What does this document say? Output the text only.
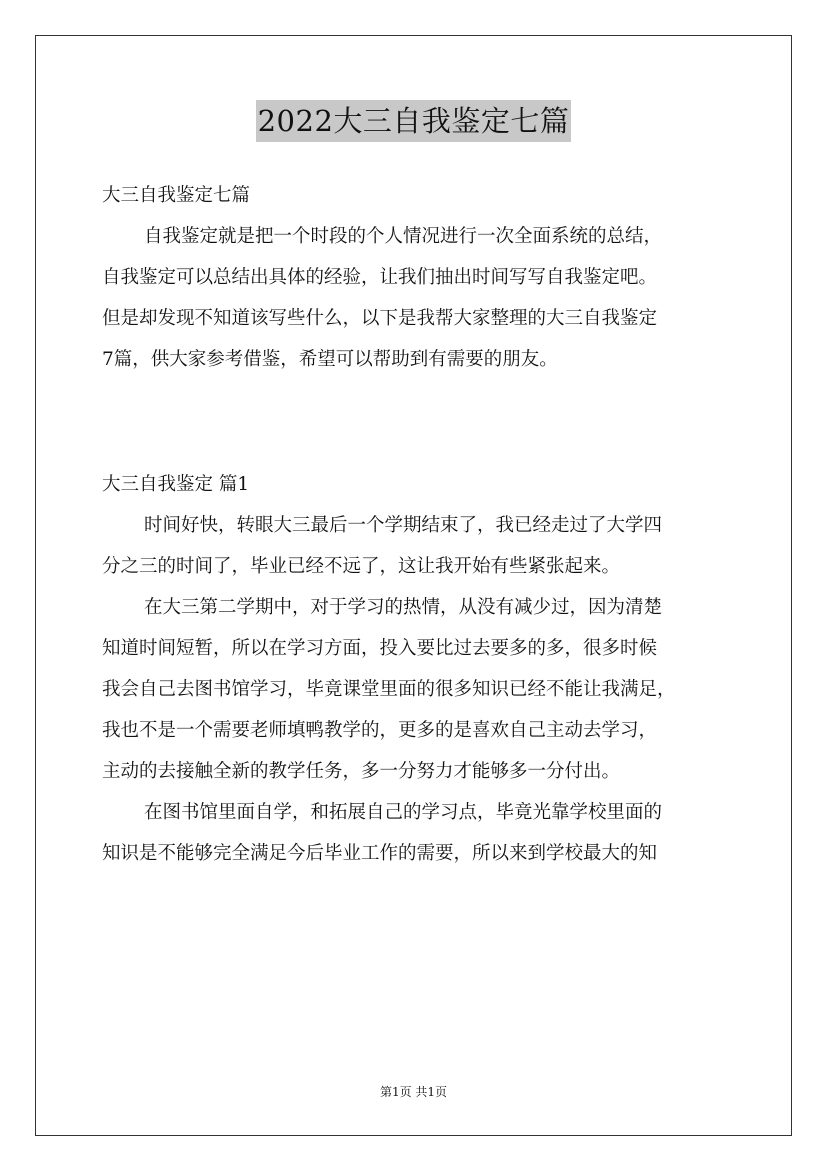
2022大三自我鉴定七篇
大三自我鉴定七篇
自我鉴定就是把一个时段的个人情况进行一次全面系统的总结，
自我鉴定可以总结出具体的经验，让我们抽出时间写写自我鉴定吧。
但是却发现不知道该写些什么，以下是我帮大家整理的大三自我鉴定
7篇，供大家参考借鉴，希望可以帮助到有需要的朋友。
大三自我鉴定 篇1
时间好快，转眼大三最后一个学期结束了，我已经走过了大学四
分之三的时间了，毕业已经不远了，这让我开始有些紧张起来。
在大三第二学期中，对于学习的热情，从没有减少过，因为清楚
知道时间短暂，所以在学习方面，投入要比过去要多的多，很多时候
我会自己去图书馆学习，毕竟课堂里面的很多知识已经不能让我满足，
我也不是一个需要老师填鸭教学的，更多的是喜欢自己主动去学习，
主动的去接触全新的教学任务，多一分努力才能够多一分付出。
在图书馆里面自学，和拓展自己的学习点，毕竟光靠学校里面的
知识是不能够完全满足今后毕业工作的需要，所以来到学校最大的知
第1页 共1页
